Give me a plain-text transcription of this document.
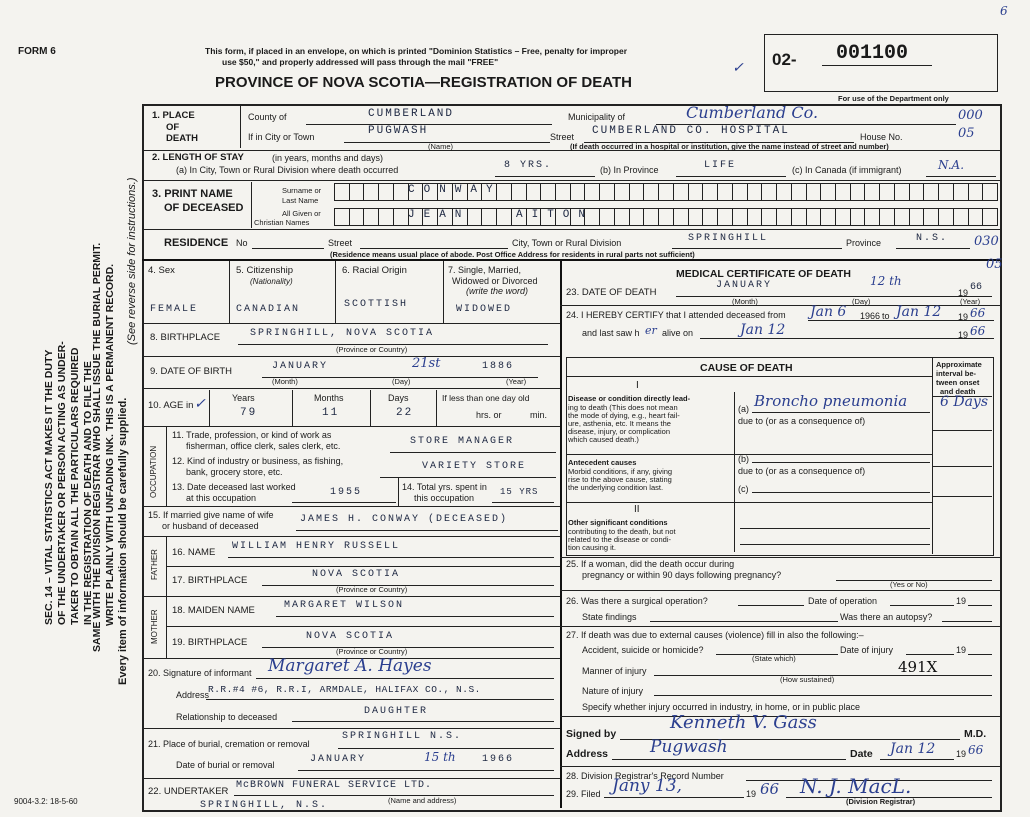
SEC. 14 – VITAL STATISTICS ACT MAKES IT THE DUTY OF THE UNDERTAKER OR PERSON ACTING AS UNDER- TAKER TO OBTAIN ALL THE PARTICULARS REQUIRED IN THE REGISTRATION OF DEATH AND TO FILE THE
SAME WITH THE DIVISION REGISTRAR WHO SHALL ISSUE THE BURIAL PERMIT. WRITE PLAINLY WITH UNFADING INK. THIS IS A PERMANENT RECORD. Every item of information should be carefully supplied.
(See reverse side for instructions.)
FORM 6	This form, if placed in an envelope, on which is printed "Dominion Statistics – Free, penalty for improper
use $50," and properly addressed will pass through the mail "FREE"
PROVINCE OF NOVA SCOTIA—REGISTRATION OF DEATH
02- 001100
6
✓
For use of the Department only
1. PLACE
OF
DEATH
County of	CUMBERLAND	Municipality of	Cumberland Co.	000
If in City or Town	PUGWASH
(Name)
Street CUMBERLAND CO. HOSPITAL	House No.	05
(If death occurred in a hospital or institution, give the name instead of street and number)
2. LENGTH OF STAY	(in years, months and days)
(a) In City, Town or Rural Division where death occurred	8 YRS.	(b) In Province	LIFE	(c) In Canada (if immigrant)	N.A.
3. PRINT NAME
OF DECEASED
Surname or
Last Name
All Given or
Christian Names
CONWAY
JEAN	AITON
RESIDENCE No	Street	City, Town or Rural Division	SPRINGHILL	Province	N.S. 030
05
(Residence means usual place of abode. Post Office Address for residents in rural parts not sufficient)
4. Sex	5. Citizenship
(Nationality)
6. Racial Origin	7. Single, Married,
Widowed or Divorced
(write the word)
FEMALE	CANADIAN	SCOTTISH	WIDOWED
8. BIRTHPLACE	SPRINGHILL, NOVA SCOTIA
(Province or Country)
9. DATE OF BIRTH	JANUARY	21st	1886
(Month)	(Day)	(Year)
10. AGE in ✓	Years	Months	Days
79	11	22
If less than one day old
hrs. or	min.
OCCUPATION
11. Trade, profession, or kind of work as
fisherman, office clerk, sales clerk, etc.	STORE MANAGER
12. Kind of industry or business, as fishing,
bank, grocery store, etc.	VARIETY STORE
13. Date deceased last worked
at this occupation	1955	14. Total yrs. spent in
this occupation
15 YRS
15. If married give name of wife
or husband of deceased
JAMES H. CONWAY (DECEASED)
FATHER 16. NAME
WILLIAM HENRY RUSSELL
17. BIRTHPLACE
NOVA SCOTIA
(Province or Country)
MOTHER 18. MAIDEN NAME	MARGARET WILSON
19. BIRTHPLACE
NOVA SCOTIA
(Province or Country)
20. Signature of informant Margaret A. Hayes
Address
R.R.#4 #6, R.R.I, ARMDALE, HALIFAX CO., N.S.
Relationship to deceased	DAUGHTER
21. Place of burial, cremation or removal
SPRINGHILL N.S.
Date of burial or removal	JANUARY	15 th	1966
22. UNDERTAKER
McBROWN FUNERAL SERVICE LTD.
(Name and address)
SPRINGHILL, N.S.
9004-3.2: 18-5-60
MEDICAL CERTIFICATE OF DEATH
23. DATE OF DEATH
JANUARY	12 th
19 66
(Month)	(Day)	(Year)
24. I HEREBY CERTIFY that I attended deceased from Jan 6 1966 to Jan 12 19 66
and last saw h er alive on	Jan 12	19 66
CAUSE OF DEATH	Approximate
interval be-
tween onset
and death
I
Disease or condition directly lead-
ing to death (This does not mean
the mode of dying, e.g., heart fail-
ure, asthenia, etc. It means the
disease, injury, or complication
which caused death.)
(a) Broncho pneumonia 6 Days
due to (or as a consequence of)
Antecedent causes
Morbid conditions, if any, giving
rise to the above cause, stating
the underlying condition last.
(b)
due to (or as a consequence of)
(c)
II
Other significant conditions
contributing to the death, but not
related to the disease or condi-
tion causing it.
25. If a woman, did the death occur during
pregnancy or within 90 days following pregnancy?
(Yes or No)
26. Was there a surgical operation?	Date of operation	19
State findings	Was there an autopsy?
27. If death was due to external causes (violence) fill in also the following:–
Accident, suicide or homicide?
(State which)
Date of injury	19
Manner of injury	491X
(How sustained)
Nature of injury
Specify whether injury occurred in industry, in home, or in public place
Signed by
Kenneth V. Gass
M.D.
Address Pugwash	Date Jan 12 19 66
28. Division Registrar's Record Number
29. Filed Jany 13,	19 66 N. J. MacL.
(Division Registrar)
